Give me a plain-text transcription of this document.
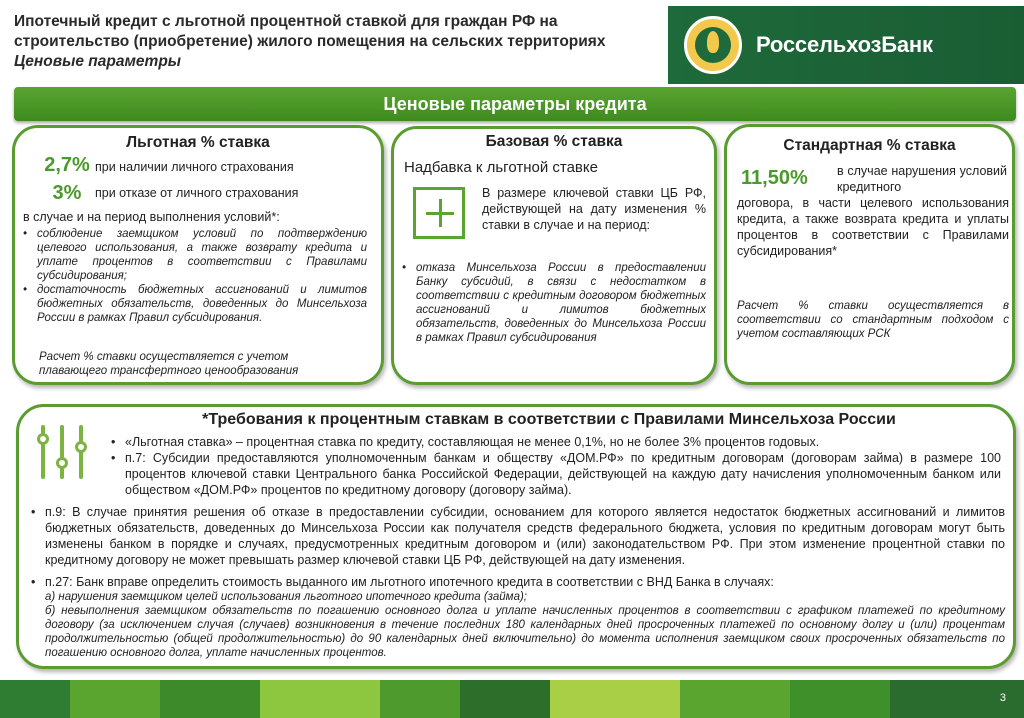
Ипотечный кредит с льготной процентной ставкой для граждан РФ на
строительство (приобретение) жилого помещения на сельских территориях
Ценовые параметры	РСХБ	РоссельхозБанк
Ценовые параметры кредита
Льготная % ставка
2,7% при наличии личного страхования
3%	при отказе от личного страхования
в случае и на период выполнения условий*:
• соблюдение заемщиком условий по подтверждению целевого использования, а также возврату кредита и уплате процентов в соответствии с Правилами субсидирования;
• достаточность бюджетных ассигнований и лимитов бюджетных обязательств, доведенных до Минсельхоза России в рамках Правил субсидирования.
Расчет % ставки осуществляется с учетом плавающего трансфертного ценообразования
Базовая % ставка
Надбавка к льготной ставке
В размере ключевой ставки ЦБ РФ, действующей на дату изменения % ставки в случае и на период:
• отказа Минсельхоза России в предоставлении Банку субсидий, в связи с недостатком в соответствии с кредитным договором бюджетных ассигнований и лимитов бюджетных обязательств, доведенных до Минсельхоза России в рамках Правил субсидирования
Стандартная % ставка
11,50% в случае нарушения условий кредитного
договора, в части целевого использования кредита, а также возврата кредита и уплаты процентов в соответствии с Правилами субсидирования*
Расчет % ставки осуществляется в соответствии со стандартным подходом с учетом составляющих РСК
*Требования к процентным ставкам в соответствии с Правилами Минсельхоза России
• «Льготная ставка» – процентная ставка по кредиту, составляющая не менее 0,1%, но не более 3% процентов годовых.
• п.7: Субсидии предоставляются уполномоченным банкам и обществу «ДОМ.РФ» по кредитным договорам (договорам займа) в размере 100 процентов ключевой ставки Центрального банка Российской Федерации, действующей на каждую дату начисления уполномоченным банком или обществом «ДОМ.РФ» процентов по кредитному договору (договору займа).
• п.9: В случае принятия решения об отказе в предоставлении субсидии, основанием для которого является недостаток бюджетных ассигнований и лимитов бюджетных обязательств, доведенных до Минсельхоза России как получателя средств федерального бюджета, условия по кредитным договорам могут быть изменены банком в порядке и случаях, предусмотренных кредитным договором и (или) законодательством РФ. При этом изменение процентной ставки по кредитному договору не может превышать размер ключевой ставки ЦБ РФ, действующей на дату изменения.
• п.27: Банк вправе определить стоимость выданного им льготного ипотечного кредита в соответствии с ВНД Банка в случаях:
а) нарушения заемщиком целей использования льготного ипотечного кредита (займа);
б) невыполнения заемщиком обязательств по погашению основного долга и уплате начисленных процентов в соответствии с графиком платежей по кредитному договору (за исключением случая (случаев) возникновения в течение последних 180 календарных дней просроченных платежей по основному долгу и (или) процентам продолжительностью (общей продолжительностью) до 90 календарных дней включительно) до момента исполнения заемщиком своих просроченных обязательств по погашению основного долга, уплате начисленных процентов.
3
